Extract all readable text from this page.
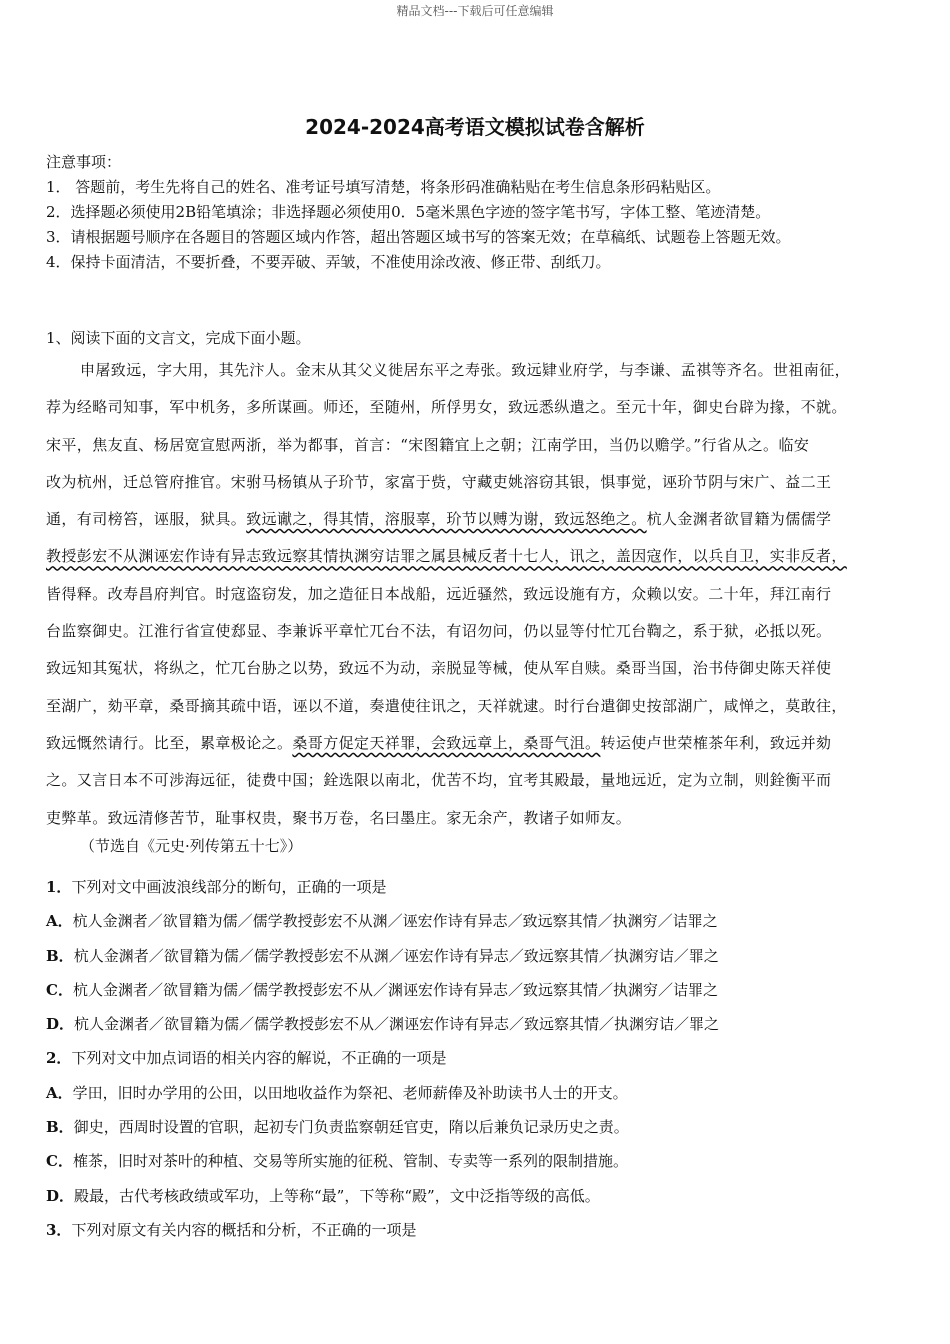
精品文档---下载后可任意编辑
2024-2024高考语文模拟试卷含解析
注意事项：
1． 答题前，考生先将自己的姓名、准考证号填写清楚，将条形码准确粘贴在考生信息条形码粘贴区。
2．选择题必须使用2B铅笔填涂；非选择题必须使用0．5毫米黑色字迹的签字笔书写，字体工整、笔迹清楚。
3．请根据题号顺序在各题目的答题区域内作答，超出答题区域书写的答案无效；在草稿纸、试题卷上答题无效。
4．保持卡面清洁，不要折叠，不要弄破、弄皱，不准使用涂改液、修正带、刮纸刀。
1、阅读下面的文言文，完成下面小题。
申屠致远，字大用，其先汴人。金末从其父义徙居东平之寿张。致远肄业府学，与李谦、孟祺等齐名。世祖南征，
荐为经略司知事，军中机务，多所谋画。师还，至随州，所俘男女，致远悉纵遣之。至元十年，御史台辟为掾，不就。
宋平，焦友直、杨居宽宣慰两浙，举为都事，首言：“宋图籍宜上之朝；江南学田，当仍以赡学。”行省从之。临安
改为杭州，迁总管府推官。宋驸马杨镇从子玠节，家富于赀，守藏吏姚溶窃其银，惧事觉，诬玠节阴与宋广、益二王
通，有司榜笞，诬服，狱具。致远谳之，得其情，溶服辜，玠节以赙为谢，致远怒绝之。杭人金渊者欲冒籍为儒儒学
教授彭宏不从渊诬宏作诗有异志致远察其情执渊穷诘罪之属县械反者十七人，讯之，盖因寇作，以兵自卫，实非反者，
皆得释。改寿昌府判官。时寇盗窃发，加之造征日本战船，远近骚然，致远设施有方，众赖以安。二十年，拜江南行
台监察御史。江淮行省宣使郄显、李兼诉平章忙兀台不法，有诏勿问，仍以显等付忙兀台鞫之，系于狱，必抵以死。
致远知其冤状，将纵之，忙兀台胁之以势，致远不为动，亲脱显等械，使从军自赎。桑哥当国，治书侍御史陈天祥使
至湖广，劾平章，桑哥摘其疏中语，诬以不道，奏遣使往讯之，天祥就逮。时行台遣御史按部湖广，咸惮之，莫敢往，
致远慨然请行。比至，累章极论之。桑哥方促定天祥罪，会致远章上，桑哥气沮。转运使卢世荣榷茶年利，致远并劾
之。又言日本不可涉海远征，徒费中国；銓选限以南北，优苦不均，宜考其殿最，量地远近，定为立制，则銓衡平而
吏弊革。致远清修苦节，耻事权贵，聚书万卷，名曰墨庄。家无余产，教诸子如师友。
（节选自《元史·列传第五十七》）
1．下列对文中画波浪线部分的断句，正确的一项是
A．杭人金渊者／欲冒籍为儒／儒学教授彭宏不从渊／诬宏作诗有异志／致远察其情／执渊穷／诘罪之
B．杭人金渊者／欲冒籍为儒／儒学教授彭宏不从渊／诬宏作诗有异志／致远察其情／执渊穷诘／罪之
C．杭人金渊者／欲冒籍为儒／儒学教授彭宏不从／渊诬宏作诗有异志／致远察其情／执渊穷／诘罪之
D．杭人金渊者／欲冒籍为儒／儒学教授彭宏不从／渊诬宏作诗有异志／致远察其情／执渊穷诘／罪之
2．下列对文中加点词语的相关内容的解说，不正确的一项是
A．学田，旧时办学用的公田，以田地收益作为祭祀、老师薪俸及补助读书人士的开支。
B．御史，西周时设置的官职，起初专门负责监察朝廷官吏，隋以后兼负记录历史之责。
C．榷茶，旧时对茶叶的种植、交易等所实施的征税、管制、专卖等一系列的限制措施。
D．殿最，古代考核政绩或军功，上等称“最”，下等称“殿”，文中泛指等级的高低。
3．下列对原文有关内容的概括和分析，不正确的一项是
